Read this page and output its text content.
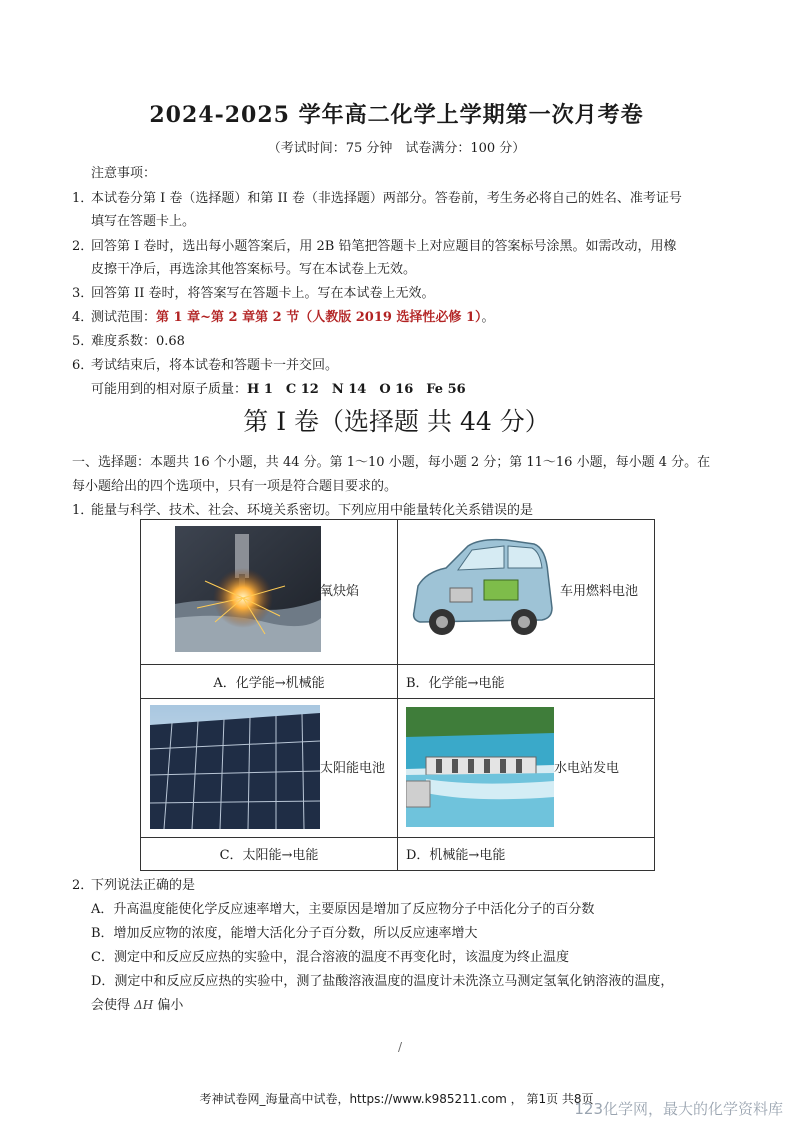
2024-2025 学年高二化学上学期第一次月考卷
（考试时间：75 分钟　试卷满分：100 分）
注意事项：
1．本试卷分第 I 卷（选择题）和第 II 卷（非选择题）两部分。答卷前，考生务必将自己的姓名、准考证号
填写在答题卡上。
2．回答第 I 卷时，选出每小题答案后，用 2B 铅笔把答题卡上对应题目的答案标号涂黑。如需改动，用橡
皮擦干净后，再选涂其他答案标号。写在本试卷上无效。
3．回答第 II 卷时，将答案写在答题卡上。写在本试卷上无效。
4．测试范围：第 1 章~第 2 章第 2 节（人教版 2019 选择性必修 1）。
5．难度系数：0.68
6．考试结束后，将本试卷和答题卡一并交回。
可能用到的相对原子质量：H 1　C 12　N 14　O 16　Fe 56
第 I 卷（选择题 共 44 分）
一、选择题：本题共 16 个小题，共 44 分。第 1～10 小题，每小题 2 分；第 11～16 小题，每小题 4 分。在
每小题给出的四个选项中，只有一项是符合题目要求的。
1．能量与科学、技术、社会、环境关系密切。下列应用中能量转化关系错误的是
氧炔焰	车用燃料电池

A．化学能→机械能	B．化学能→电能

太阳能电池	水电站发电

C．太阳能→电能	D．机械能→电能
2．下列说法正确的是
A．升高温度能使化学反应速率增大，主要原因是增加了反应物分子中活化分子的百分数
B．增加反应物的浓度，能增大活化分子百分数，所以反应速率增大
C．测定中和反应反应热的实验中，混合溶液的温度不再变化时，该温度为终止温度
D．测定中和反应反应热的实验中，测了盐酸溶液温度的温度计未洗涤立马测定氢氧化钠溶液的温度，
会使得 ΔH 偏小
/
考神试卷网_海量高中试卷，https://www.k985211.com ， 第1页 共8页
123化学网，最大的化学资料库
